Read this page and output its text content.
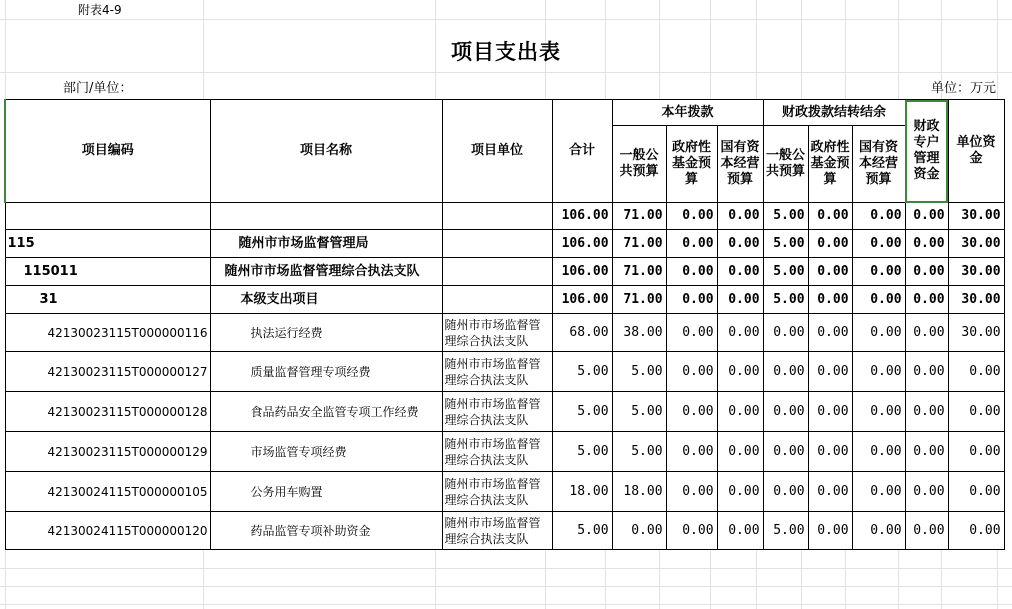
附表4-9
项目支出表
部门/单位：	单位：万元
项目编码	项目名称	项目单位	合计	本年拨款			财政拨款结转结余			财政专户管理资金	单位资金
				一般公共预算	政府性基金预算	国有资本经营预算	一般公共预算	政府性基金预算	国有资本经营预算		
			106.00	71.00	0.00	0.00	5.00	0.00	0.00	0.00	30.00
115	随州市市场监督管理局		106.00	71.00	0.00	0.00	5.00	0.00	0.00	0.00	30.00
115011	随州市市场监督管理综合执法支队		106.00	71.00	0.00	0.00	5.00	0.00	0.00	0.00	30.00
31	本级支出项目		106.00	71.00	0.00	0.00	5.00	0.00	0.00	0.00	30.00
42130023115T000000116	执法运行经费	随州市市场监督管理综合执法支队	68.00	38.00	0.00	0.00	0.00	0.00	0.00	0.00	30.00
42130023115T000000127	质量监督管理专项经费	随州市市场监督管理综合执法支队	5.00	5.00	0.00	0.00	0.00	0.00	0.00	0.00	0.00
42130023115T000000128	食品药品安全监管专项工作经费	随州市市场监督管理综合执法支队	5.00	5.00	0.00	0.00	0.00	0.00	0.00	0.00	0.00
42130023115T000000129	市场监管专项经费	随州市市场监督管理综合执法支队	5.00	5.00	0.00	0.00	0.00	0.00	0.00	0.00	0.00
42130024115T000000105	公务用车购置	随州市市场监督管理综合执法支队	18.00	18.00	0.00	0.00	0.00	0.00	0.00	0.00	0.00
42130024115T000000120	药品监管专项补助资金	随州市市场监督管理综合执法支队	5.00	0.00	0.00	0.00	5.00	0.00	0.00	0.00	0.00
